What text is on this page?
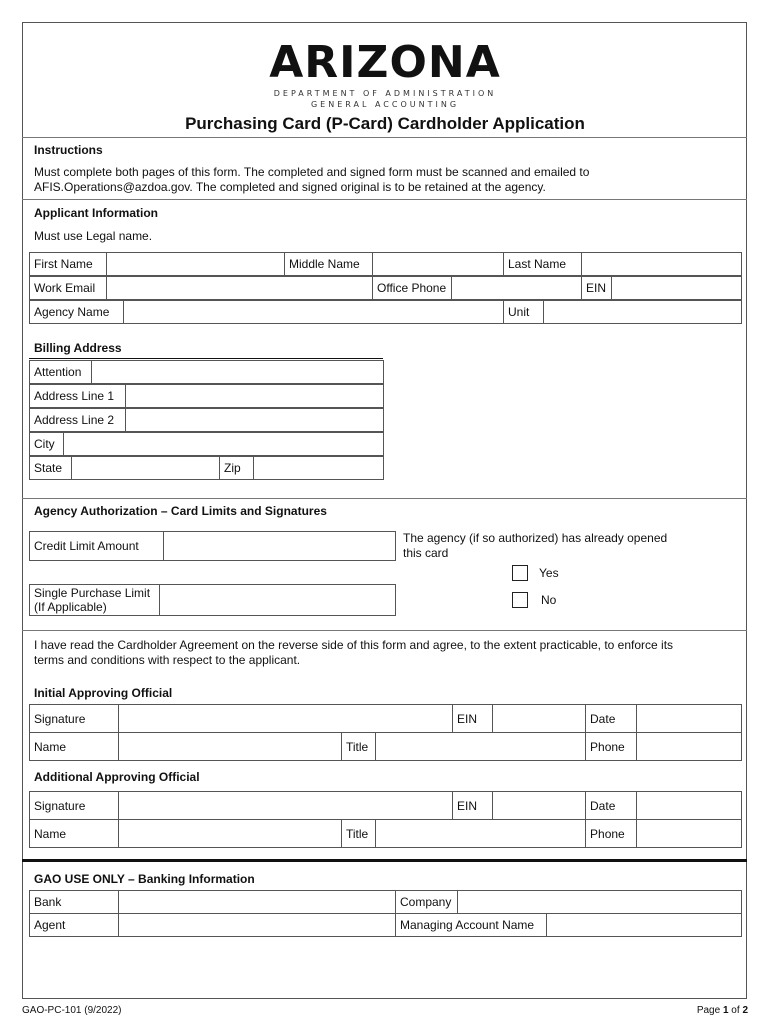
ARIZONA
DEPARTMENT OF ADMINISTRATION
GENERAL ACCOUNTING
Purchasing Card (P-Card) Cardholder Application
Instructions
Must complete both pages of this form. The completed and signed form must be scanned and emailed to
AFIS.Operations@azdoa.gov. The completed and signed original is to be retained at the agency.
Applicant Information
Must use Legal name.
First Name		Middle Name		Last Name	
Work Email		Office Phone		EIN	
Agency Name		Unit	
Billing Address
Attention	
Address Line 1	
Address Line 2	
City	
State		Zip	
Agency Authorization – Card Limits and Signatures
Credit Limit Amount	
Single Purchase Limit
(If Applicable)

The agency (if so authorized) has already opened
this card
Yes
No
I have read the Cardholder Agreement on the reverse side of this form and agree, to the extent practicable, to enforce its
terms and conditions with respect to the applicant.
Initial Approving Official
Signature				EIN		Date	
Name		Title				Phone	
Additional Approving Official
Signature				EIN		Date	
Name		Title				Phone	
GAO USE ONLY – Banking Information
Bank		Company		
Agent		Managing Account Name		
GAO-PC-101 (9/2022)	Page 1 of 2
